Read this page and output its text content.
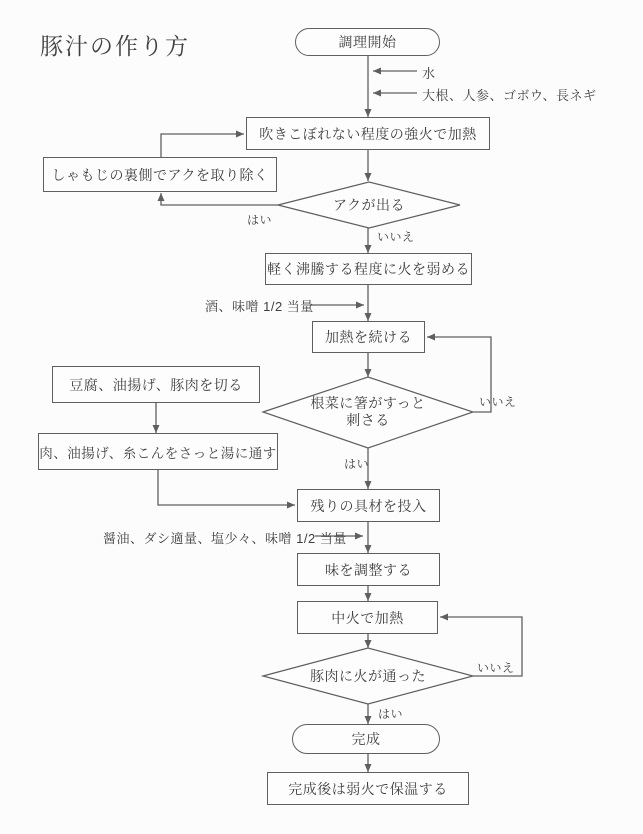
豚汁の作り方	調理開始
吹きこぼれない程度の強火で加熱
しゃもじの裏側でアクを取り除く
アクが出る
軽く沸騰する程度に火を弱める
加熱を続ける
豆腐、油揚げ、豚肉を切る
根菜に箸がすっと
刺さる
肉、油揚げ、糸こんをさっと湯に通す
残りの具材を投入
味を調整する
中火で加熱
豚肉に火が通った
完成
完成後は弱火で保温する
水
大根、人参、ゴボウ、長ネギ
酒、味噌 1/2 当量
醤油、ダシ適量、塩少々、味噌 1/2 当量
はい
いいえ
はい
いいえ
はい
いいえ
